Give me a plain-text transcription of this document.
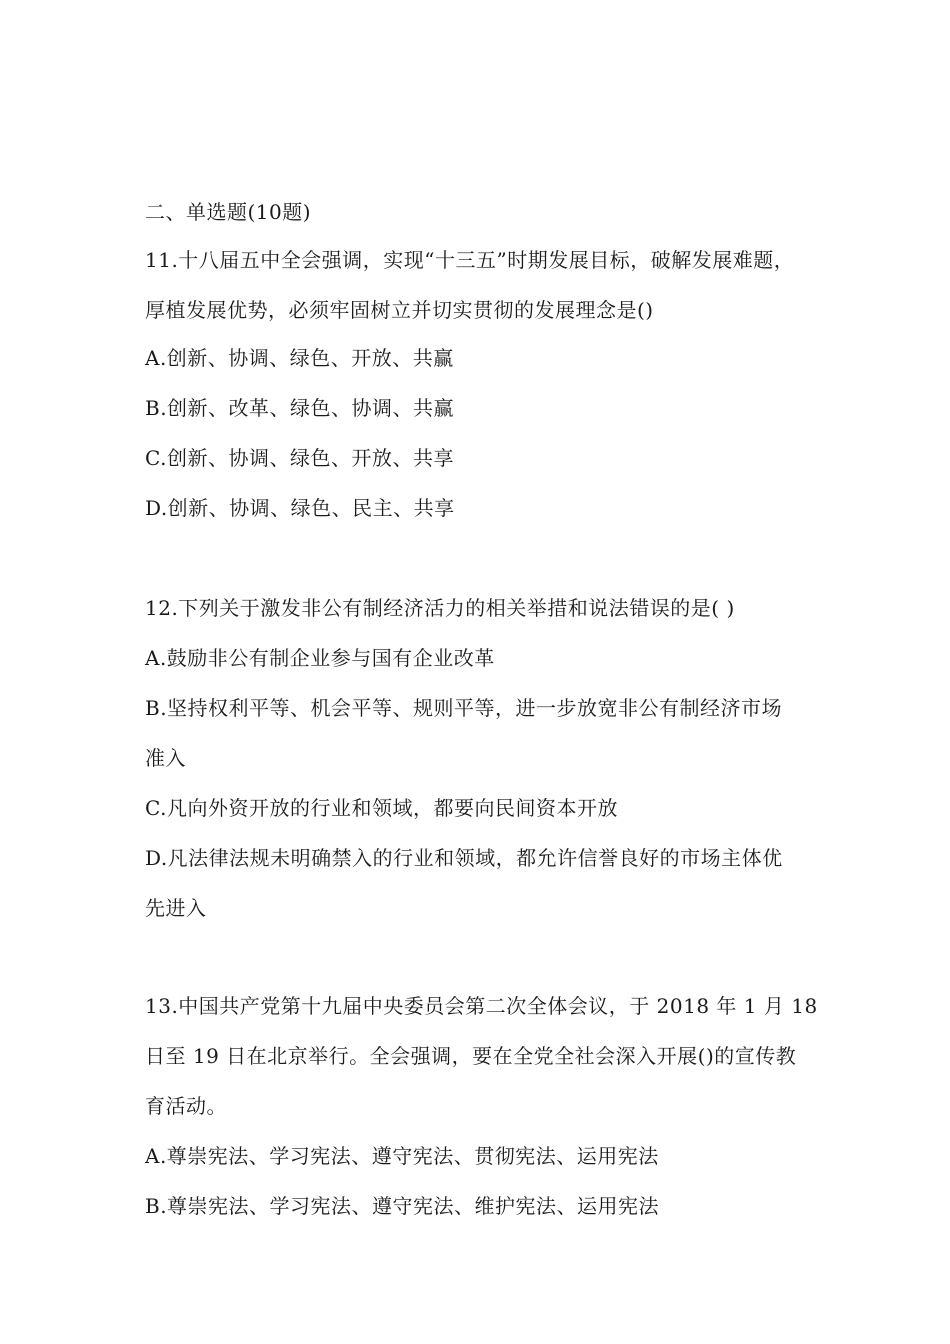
二、单选题(10题)
11.十八届五中全会强调，实现“十三五”时期发展目标，破解发展难题，
厚植发展优势，必须牢固树立并切实贯彻的发展理念是()
A.创新、协调、绿色、开放、共赢
B.创新、改革、绿色、协调、共赢
C.创新、协调、绿色、开放、共享
D.创新、协调、绿色、民主、共享
12.下列关于激发非公有制经济活力的相关举措和说法错误的是( )
A.鼓励非公有制企业参与国有企业改革
B.坚持权利平等、机会平等、规则平等，进一步放宽非公有制经济市场
准入
C.凡向外资开放的行业和领域，都要向民间资本开放
D.凡法律法规未明确禁入的行业和领域，都允许信誉良好的市场主体优
先进入
13.中国共产党第十九届中央委员会第二次全体会议，于 2018 年 1 月 18
日至 19 日在北京举行。全会强调，要在全党全社会深入开展()的宣传教
育活动。
A.尊崇宪法、学习宪法、遵守宪法、贯彻宪法、运用宪法
B.尊崇宪法、学习宪法、遵守宪法、维护宪法、运用宪法
